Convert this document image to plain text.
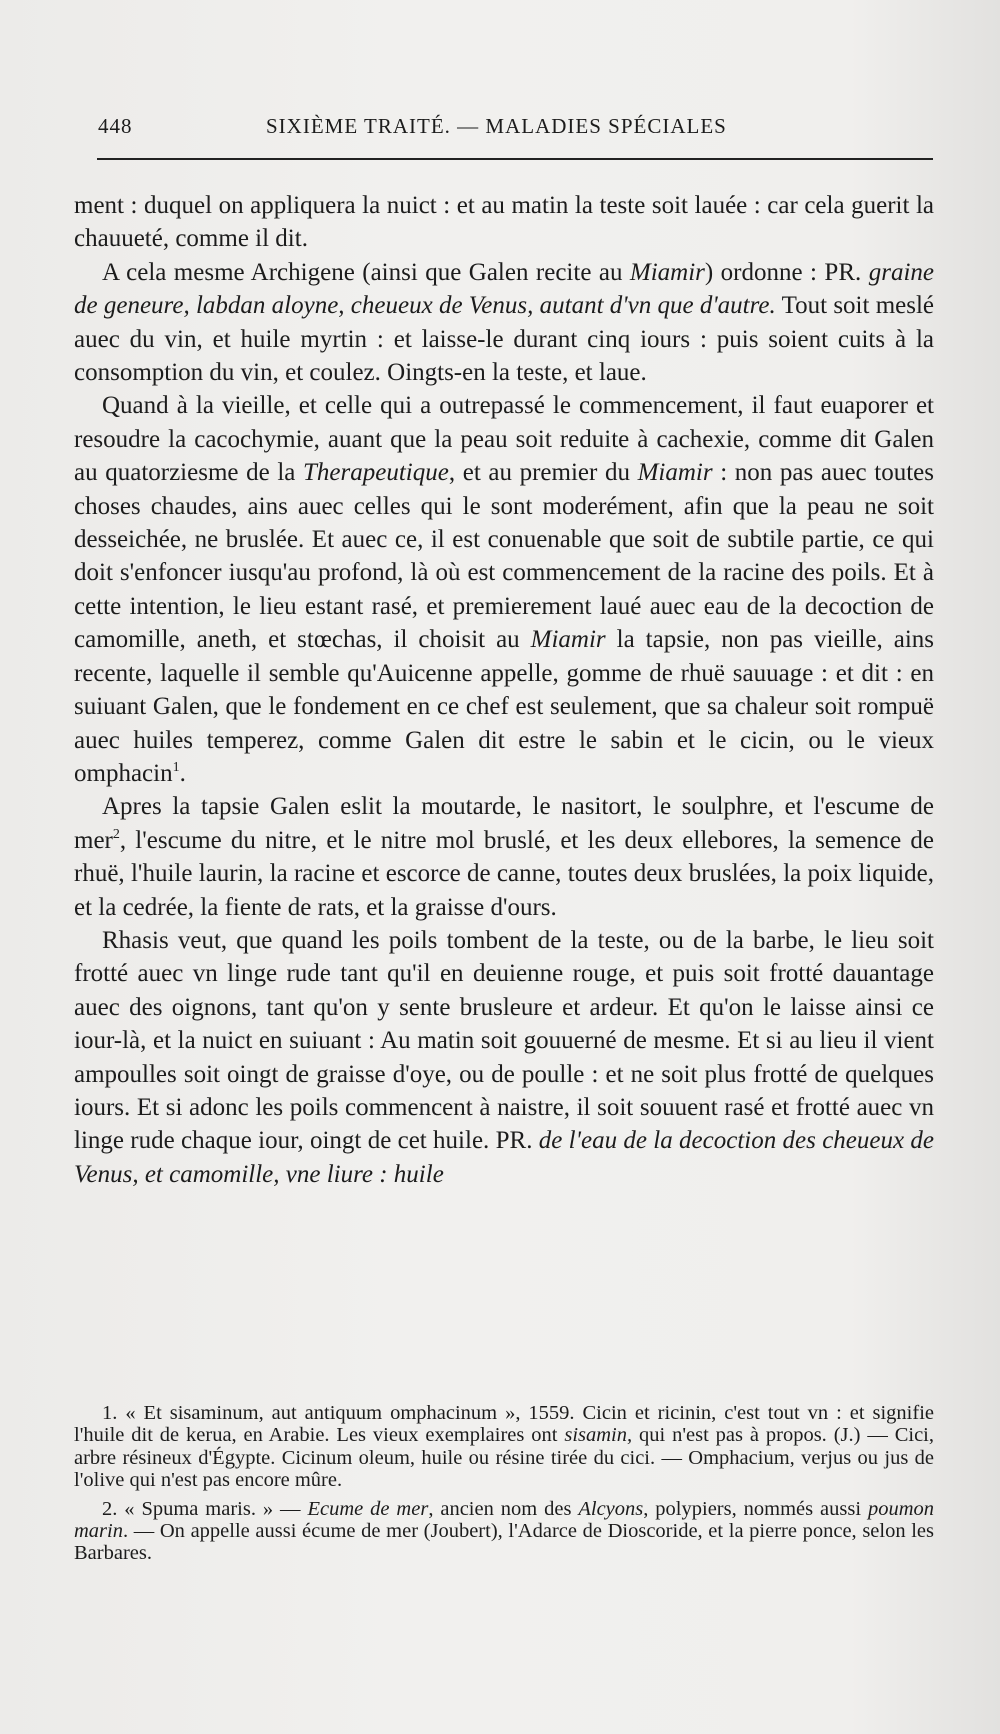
448	SIXIÈME TRAITÉ. — MALADIES SPÉCIALES

ment : duquel on appliquera la nuict : et au matin la teste soit lauée : car cela guerit la chauueté, comme il dit.

A cela mesme Archigene (ainsi que Galen recite au Miamir) ordonne : PR. graine de geneure, labdan aloyne, cheueux de Venus, autant d'vn que d'autre. Tout soit meslé auec du vin, et huile myrtin : et laisse-le durant cinq iours : puis soient cuits à la consomption du vin, et coulez. Oingts-en la teste, et laue.

Quand à la vieille, et celle qui a outrepassé le commencement, il faut euaporer et resoudre la cacochymie, auant que la peau soit reduite à cachexie, comme dit Galen au quatorziesme de la Therapeutique, et au premier du Miamir : non pas auec toutes choses chaudes, ains auec celles qui le sont moderément, afin que la peau ne soit desseichée, ne bruslée. Et auec ce, il est conuenable que soit de subtile partie, ce qui doit s'enfoncer iusqu'au profond, là où est commencement de la racine des poils. Et à cette intention, le lieu estant rasé, et premierement laué auec eau de la decoction de camomille, aneth, et stœchas, il choisit au Miamir la tapsie, non pas vieille, ains recente, laquelle il semble qu'Auicenne appelle, gomme de rhuë sauuage : et dit : en suiuant Galen, que le fondement en ce chef est seulement, que sa chaleur soit rompuë auec huiles temperez, comme Galen dit estre le sabin et le cicin, ou le vieux omphacin$^1$.

Apres la tapsie Galen eslit la moutarde, le nasitort, le soulphre, et l'escume de mer$^2$, l'escume du nitre, et le nitre mol bruslé, et les deux ellebores, la semence de rhuë, l'huile laurin, la racine et escorce de canne, toutes deux bruslées, la poix liquide, et la cedrée, la fiente de rats, et la graisse d'ours.

Rhasis veut, que quand les poils tombent de la teste, ou de la barbe, le lieu soit frotté auec vn linge rude tant qu'il en deuienne rouge, et puis soit frotté dauantage auec des oignons, tant qu'on y sente brusleure et ardeur. Et qu'on le laisse ainsi ce iour-là, et la nuict en suiuant : Au matin soit gouuerné de mesme. Et si au lieu il vient ampoulles soit oingt de graisse d'oye, ou de poulle : et ne soit plus frotté de quelques iours. Et si adonc les poils commencent à naistre, il soit souuent rasé et frotté auec vn linge rude chaque iour, oingt de cet huile. PR. de l'eau de la decoction des cheueux de Venus, et camomille, vne liure : huile

1. « Et sisaminum, aut antiquum omphacinum », 1559. Cicin et ricinin, c'est tout vn : et signifie l'huile dit de kerua, en Arabie. Les vieux exemplaires ont sisamin, qui n'est pas à propos. (J.) — Cici, arbre résineux d'Égypte. Cicinum oleum, huile ou résine tirée du cici. — Omphacium, verjus ou jus de l'olive qui n'est pas encore mûre.

2. « Spuma maris. » — Ecume de mer, ancien nom des Alcyons, polypiers, nommés aussi poumon marin. — On appelle aussi écume de mer (Joubert), l'Adarce de Dioscoride, et la pierre ponce, selon les Barbares.
